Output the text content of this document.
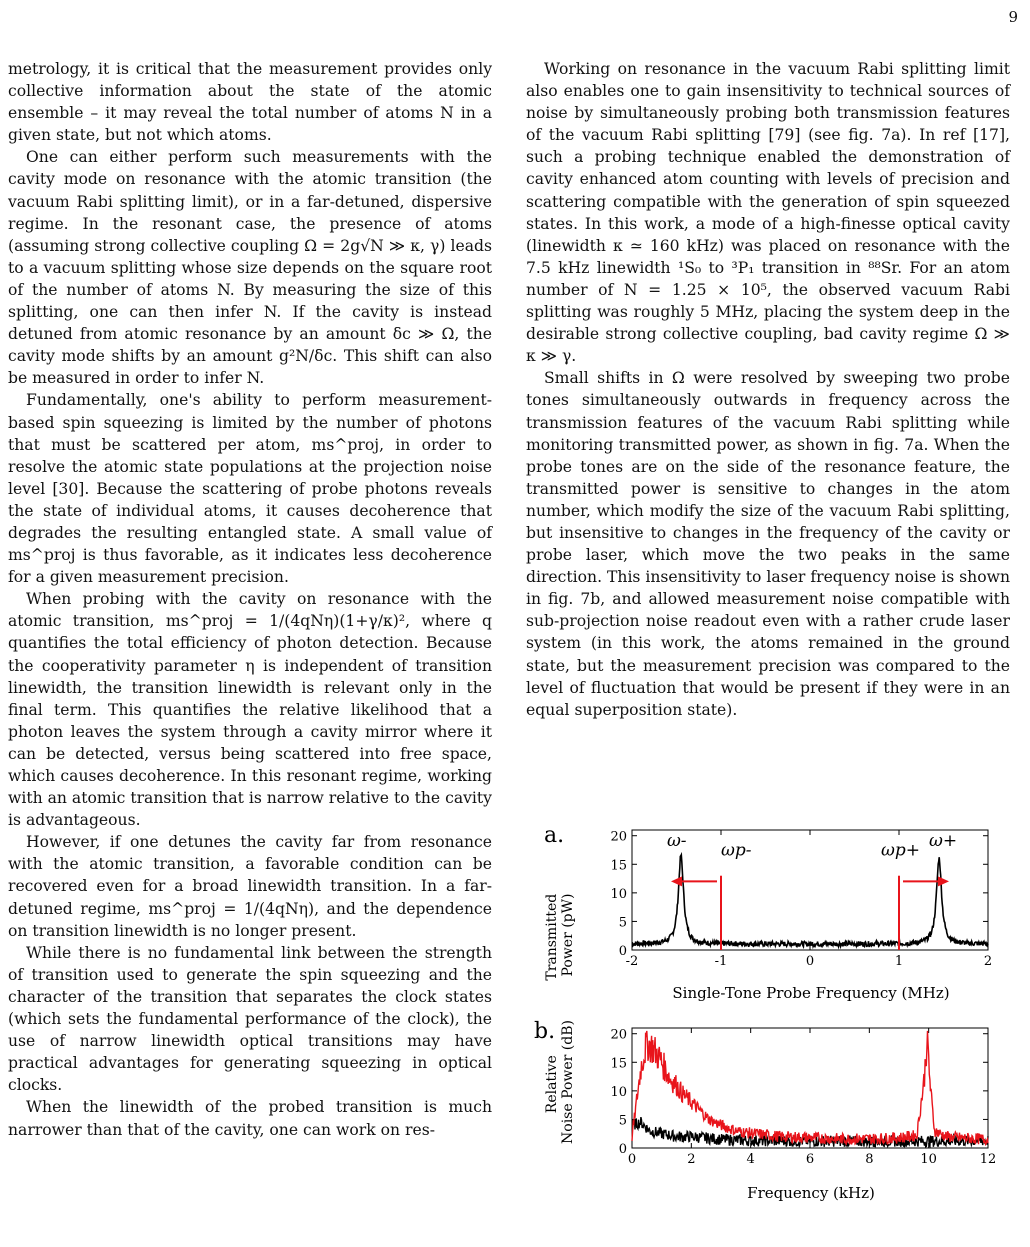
9

metrology, it is critical that the measurement provides only collective information about the state of the atomic ensemble – it may reveal the total number of atoms N in a given state, but not which atoms.

One can either perform such measurements with the cavity mode on resonance with the atomic transition (the vacuum Rabi splitting limit), or in a far-detuned, dispersive regime. In the resonant case, the presence of atoms (assuming strong collective coupling Ω = 2g√N ≫ κ, γ) leads to a vacuum splitting whose size depends on the square root of the number of atoms N. By measuring the size of this splitting, one can then infer N. If the cavity is instead detuned from atomic resonance by an amount δc ≫ Ω, the cavity mode shifts by an amount g²N/δc. This shift can also be measured in order to infer N.

Fundamentally, one's ability to perform measurement-based spin squeezing is limited by the number of photons that must be scattered per atom, ms^proj, in order to resolve the atomic state populations at the projection noise level [30]. Because the scattering of probe photons reveals the state of individual atoms, it causes decoherence that degrades the resulting entangled state. A small value of ms^proj is thus favorable, as it indicates less decoherence for a given measurement precision.

When probing with the cavity on resonance with the atomic transition, ms^proj = 1/(4qNη)(1+γ/κ)², where q quantifies the total efficiency of photon detection. Because the cooperativity parameter η is independent of transition linewidth, the transition linewidth is relevant only in the final term. This quantifies the relative likelihood that a photon leaves the system through a cavity mirror where it can be detected, versus being scattered into free space, which causes decoherence. In this resonant regime, working with an atomic transition that is narrow relative to the cavity is advantageous.

However, if one detunes the cavity far from resonance with the atomic transition, a favorable condition can be recovered even for a broad linewidth transition. In a far-detuned regime, ms^proj = 1/(4qNη), and the dependence on transition linewidth is no longer present.

While there is no fundamental link between the strength of transition used to generate the spin squeezing and the character of the transition that separates the clock states (which sets the fundamental performance of the clock), the use of narrow linewidth optical transitions may have practical advantages for generating squeezing in optical clocks.

When the linewidth of the probed transition is much narrower than that of the cavity, one can work on res-

Working on resonance in the vacuum Rabi splitting limit also enables one to gain insensitivity to technical sources of noise by simultaneously probing both transmission features of the vacuum Rabi splitting [79] (see fig. 7a). In ref [17], such a probing technique enabled the demonstration of cavity enhanced atom counting with levels of precision and scattering compatible with the generation of spin squeezed states. In this work, a mode of a high-finesse optical cavity (linewidth κ ≃ 160 kHz) was placed on resonance with the 7.5 kHz linewidth ¹S₀ to ³P₁ transition in ⁸⁸Sr. For an atom number of N = 1.25 × 10⁵, the observed vacuum Rabi splitting was roughly 5 MHz, placing the system deep in the desirable strong collective coupling, bad cavity regime Ω ≫ κ ≫ γ.

Small shifts in Ω were resolved by sweeping two probe tones simultaneously outwards in frequency across the transmission features of the vacuum Rabi splitting while monitoring transmitted power, as shown in fig. 7a. When the probe tones are on the side of the resonance feature, the transmitted power is sensitive to changes in the atom number, which modify the size of the vacuum Rabi splitting, but insensitive to changes in the frequency of the cavity or probe laser, which move the two peaks in the same direction. This insensitivity to laser frequency noise is shown in fig. 7b, and allowed measurement noise compatible with sub-projection noise readout even with a rather crude laser system (in this work, the atoms remained in the ground state, but the measurement precision was compared to the level of fluctuation that would be present if they were in an equal superposition state).

a.
Transmitted Power (pW)	-2	-1	0	1	2
0
5
10
15
20
ωp-	ωp+
ω-	ω+
Single-Tone Probe Frequency (MHz)
b.
Relative Noise Power (dB)
0	2	4	6	8	10	12
0
5
10
15
20
Frequency (kHz)
